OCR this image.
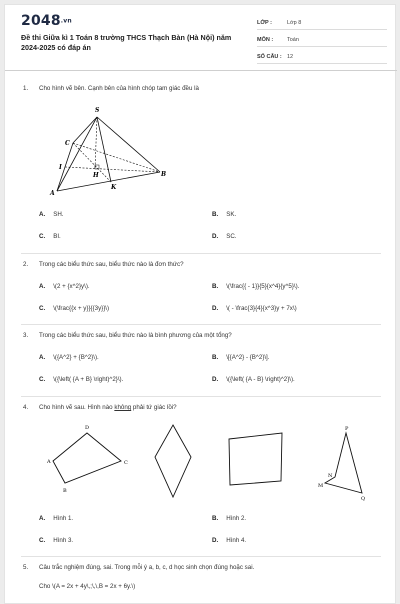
2048.vn
Đề thi Giữa kì 1 Toán 8 trường THCS Thạch Bàn (Hà Nội) năm 2024-2025 có đáp án
LỚP :	Lớp 8
MÔN :	Toán
SỐ CÂU : 12
1. Cho hình vẽ bên. Cạnh bên của hình chóp tam giác đều là
S
C
I
H	B
K
A
A. SH.	B. SK.
C. BI.	D. SC.
2. Trong các biểu thức sau, biểu thức nào là đơn thức?
A. \(2 + {x^2}y\).	B. \(\frac{{ - 1}}{5}{x^4}{y^5}\).
C. \(\frac{{x + y}}{{3y}}\)	D. \( - \frac{3}{4}{x^3}y + 7x\)
3. Trong các biểu thức sau, biểu thức nào là bình phương của một tổng?
A. \({A^2} + {B^2}\).	B. \[{A^2} - {B^2}\].
C. \({\left( {A + B} \right)^2}\).	D. \({\left( {A - B} \right)^2}\).
4. Cho hình vẽ sau. Hình nào không phải tứ giác lồi?
D
A	C
B
P
N
M
Q
A. Hình 1.	B. Hình 2.
C. Hình 3.	D. Hình 4.
5. Câu trắc nghiệm đúng, sai. Trong mỗi ý a, b, c, d học sinh chọn đúng hoặc sai.
Cho \(A = 2x + 4y\,;\,\,B = 2x + 6y.\)
